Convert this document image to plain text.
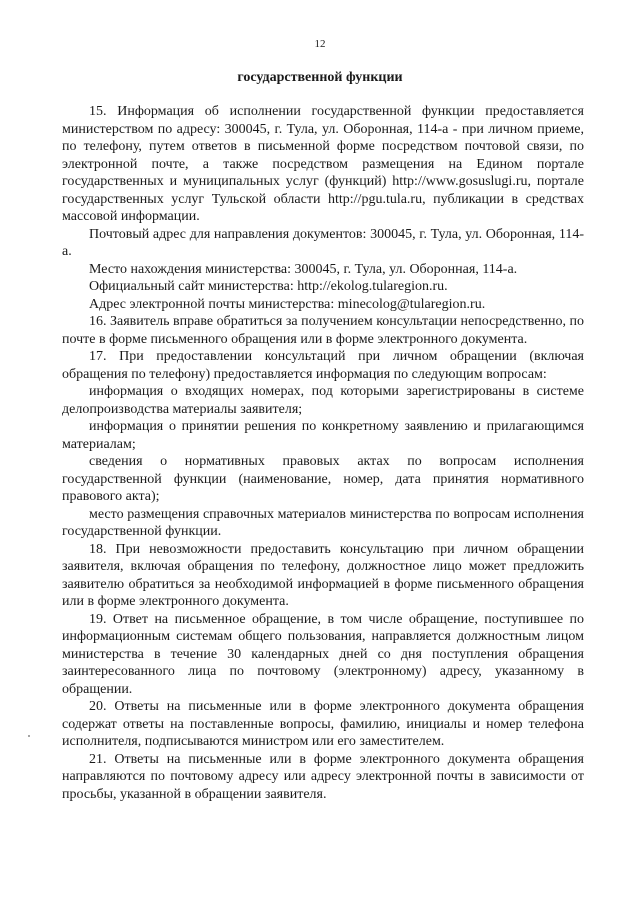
12
государственной функции

15. Информация об исполнении государственной функции предоставляется министерством по адресу: 300045, г. Тула, ул. Оборонная, 114-а - при личном приеме, по телефону, путем ответов в письменной форме посредством почтовой связи, по электронной почте, а также посредством размещения на Едином портале государственных и муниципальных услуг (функций) http://www.gosuslugi.ru, портале государственных услуг Тульской области http://pgu.tula.ru, публикации в средствах массовой информации.

Почтовый адрес для направления документов: 300045, г. Тула, ул. Оборонная, 114-а.

Место нахождения министерства: 300045, г. Тула, ул. Оборонная, 114-а.

Официальный сайт министерства: http://ekolog.tularegion.ru.

Адрес электронной почты министерства: minecolog@tularegion.ru.

16. Заявитель вправе обратиться за получением консультации непосредственно, по почте в форме письменного обращения или в форме электронного документа.

17. При предоставлении консультаций при личном обращении (включая обращения по телефону) предоставляется информация по следующим вопросам:

информация о входящих номерах, под которыми зарегистрированы в системе делопроизводства материалы заявителя;

информация о принятии решения по конкретному заявлению и прилагающимся материалам;

сведения о нормативных правовых актах по вопросам исполнения государственной функции (наименование, номер, дата принятия нормативного правового акта);

место размещения справочных материалов министерства по вопросам исполнения государственной функции.

18. При невозможности предоставить консультацию при личном обращении заявителя, включая обращения по телефону, должностное лицо может предложить заявителю обратиться за необходимой информацией в форме письменного обращения или в форме электронного документа.

19. Ответ на письменное обращение, в том числе обращение, поступившее по информационным системам общего пользования, направляется должностным лицом министерства в течение 30 календарных дней со дня поступления обращения заинтересованного лица по почтовому (электронному) адресу, указанному в обращении.

20. Ответы на письменные или в форме электронного документа обращения содержат ответы на поставленные вопросы, фамилию, инициалы и номер телефона исполнителя, подписываются министром или его заместителем.

21. Ответы на письменные или в форме электронного документа обращения направляются по почтовому адресу или адресу электронной почты в зависимости от просьбы, указанной в обращении заявителя.
